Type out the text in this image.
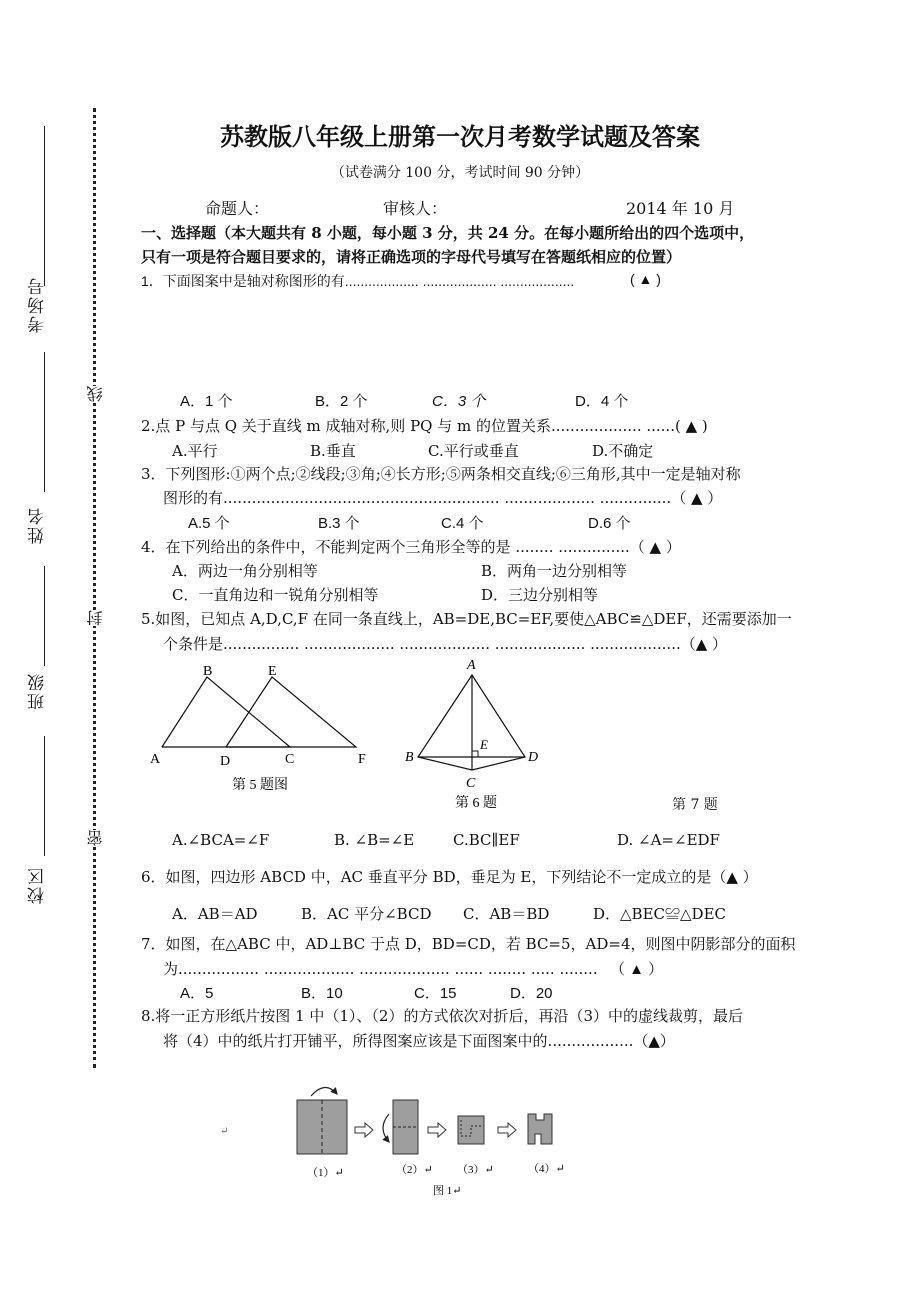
考场号
姓名
班级
校区
线
封
密
苏教版八年级上册第一次月考数学试题及答案
（试卷满分 100 分，考试时间 90 分钟）
命题人：	审核人：	2014 年 10 月
一、选择题（本大题共有 8 小题，每小题 3 分，共 24 分。在每小题所给出的四个选项中，
只有一项是符合题目要求的，请将正确选项的字母代号填写在答题纸相应的位置）
1．下面图案中是轴对称图形的有................... ................... ...................	( ▲ )
A．1 个	B．2 个	C．3 个	D．4 个
2.点 P 与点 Q 关于直线 m 成轴对称,则 PQ 与 m 的位置关系................... ......( ▲ )
A.平行	B.垂直	C.平行或垂直	D.不确定
3．下列图形:①两个点;②线段;③角;④长方形;⑤两条相交直线;⑥三角形,其中一定是轴对称
图形的有.......................................................... ................... ...............（ ▲ ）
A.5 个	B.3 个	C.4 个	D.6 个
4．在下列给出的条件中，不能判定两个三角形全等的是 ........ ...............（ ▲ ）
A．两边一角分别相等	B．两角一边分别相等
C．一直角边和一锐角分别相等	D．三边分别相等
5.如图，已知点 A,D,C,F 在同一条直线上，AB=DE,BC=EF,要使△ABC≌△DEF，还需要添加一
个条件是................ ................... ................... ................... ...................（▲ ）
A
B
C
D
E
F
第 5 题图
A
B
C
D
E
第 6 题	第 7 题
A.∠BCA=∠F	B. ∠B=∠E	C.BC∥EF	D. ∠A=∠EDF
6．如图，四边形 ABCD 中，AC 垂直平分 BD，垂足为 E，下列结论不一定成立的是（▲ ）
A．AB＝AD	B．AC 平分∠BCD C．AB＝BD	D．△BEC≌△DEC
7．如图，在△ABC 中，AD⊥BC 于点 D，BD=CD，若 BC=5，AD=4，则图中阴影部分的面积
为................. ................... ................... ...... ........ ..... ........ （ ▲ ）
A．5	B．10	C．15	D．20
8.将一正方形纸片按图 1 中（1）、（2）的方式依次对折后，再沿（3）中的虚线裁剪，最后
将（4）中的纸片打开铺平，所得图案应该是下面图案中的..................（▲）
↵
（1）↵	（2）↵ （3）↵	（4）↵
图 1↵
